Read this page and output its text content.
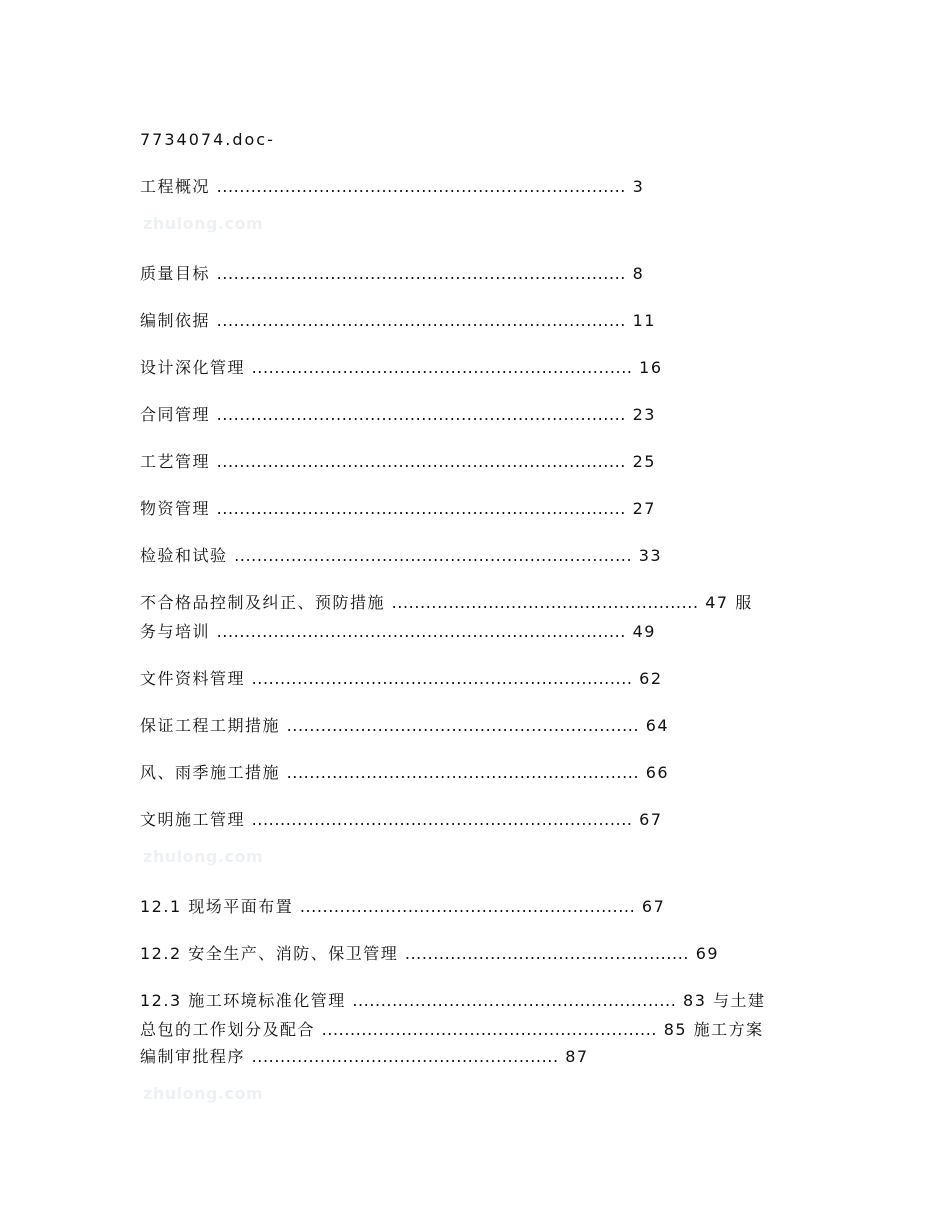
7734074.doc-
工程概况 ........................................................................ 3
zhulong.com
质量目标 ........................................................................ 8
编制依据 ........................................................................ 11
设计深化管理 ................................................................... 16
合同管理 ........................................................................ 23
工艺管理 ........................................................................ 25
物资管理 ........................................................................ 27
检验和试验 ...................................................................... 33
不合格品控制及纠正、预防措施 ...................................................... 47 服
务与培训 ........................................................................ 49
文件资料管理 ................................................................... 62
保证工程工期措施 .............................................................. 64
风、雨季施工措施 .............................................................. 66
文明施工管理 ................................................................... 67
zhulong.com
12.1 现场平面布置 ........................................................... 67
12.2 安全生产、消防、保卫管理 .................................................. 69
12.3 施工环境标准化管理 ......................................................... 83 与土建
总包的工作划分及配合 ........................................................... 85 施工方案
编制审批程序 ...................................................... 87
zhulong.com
